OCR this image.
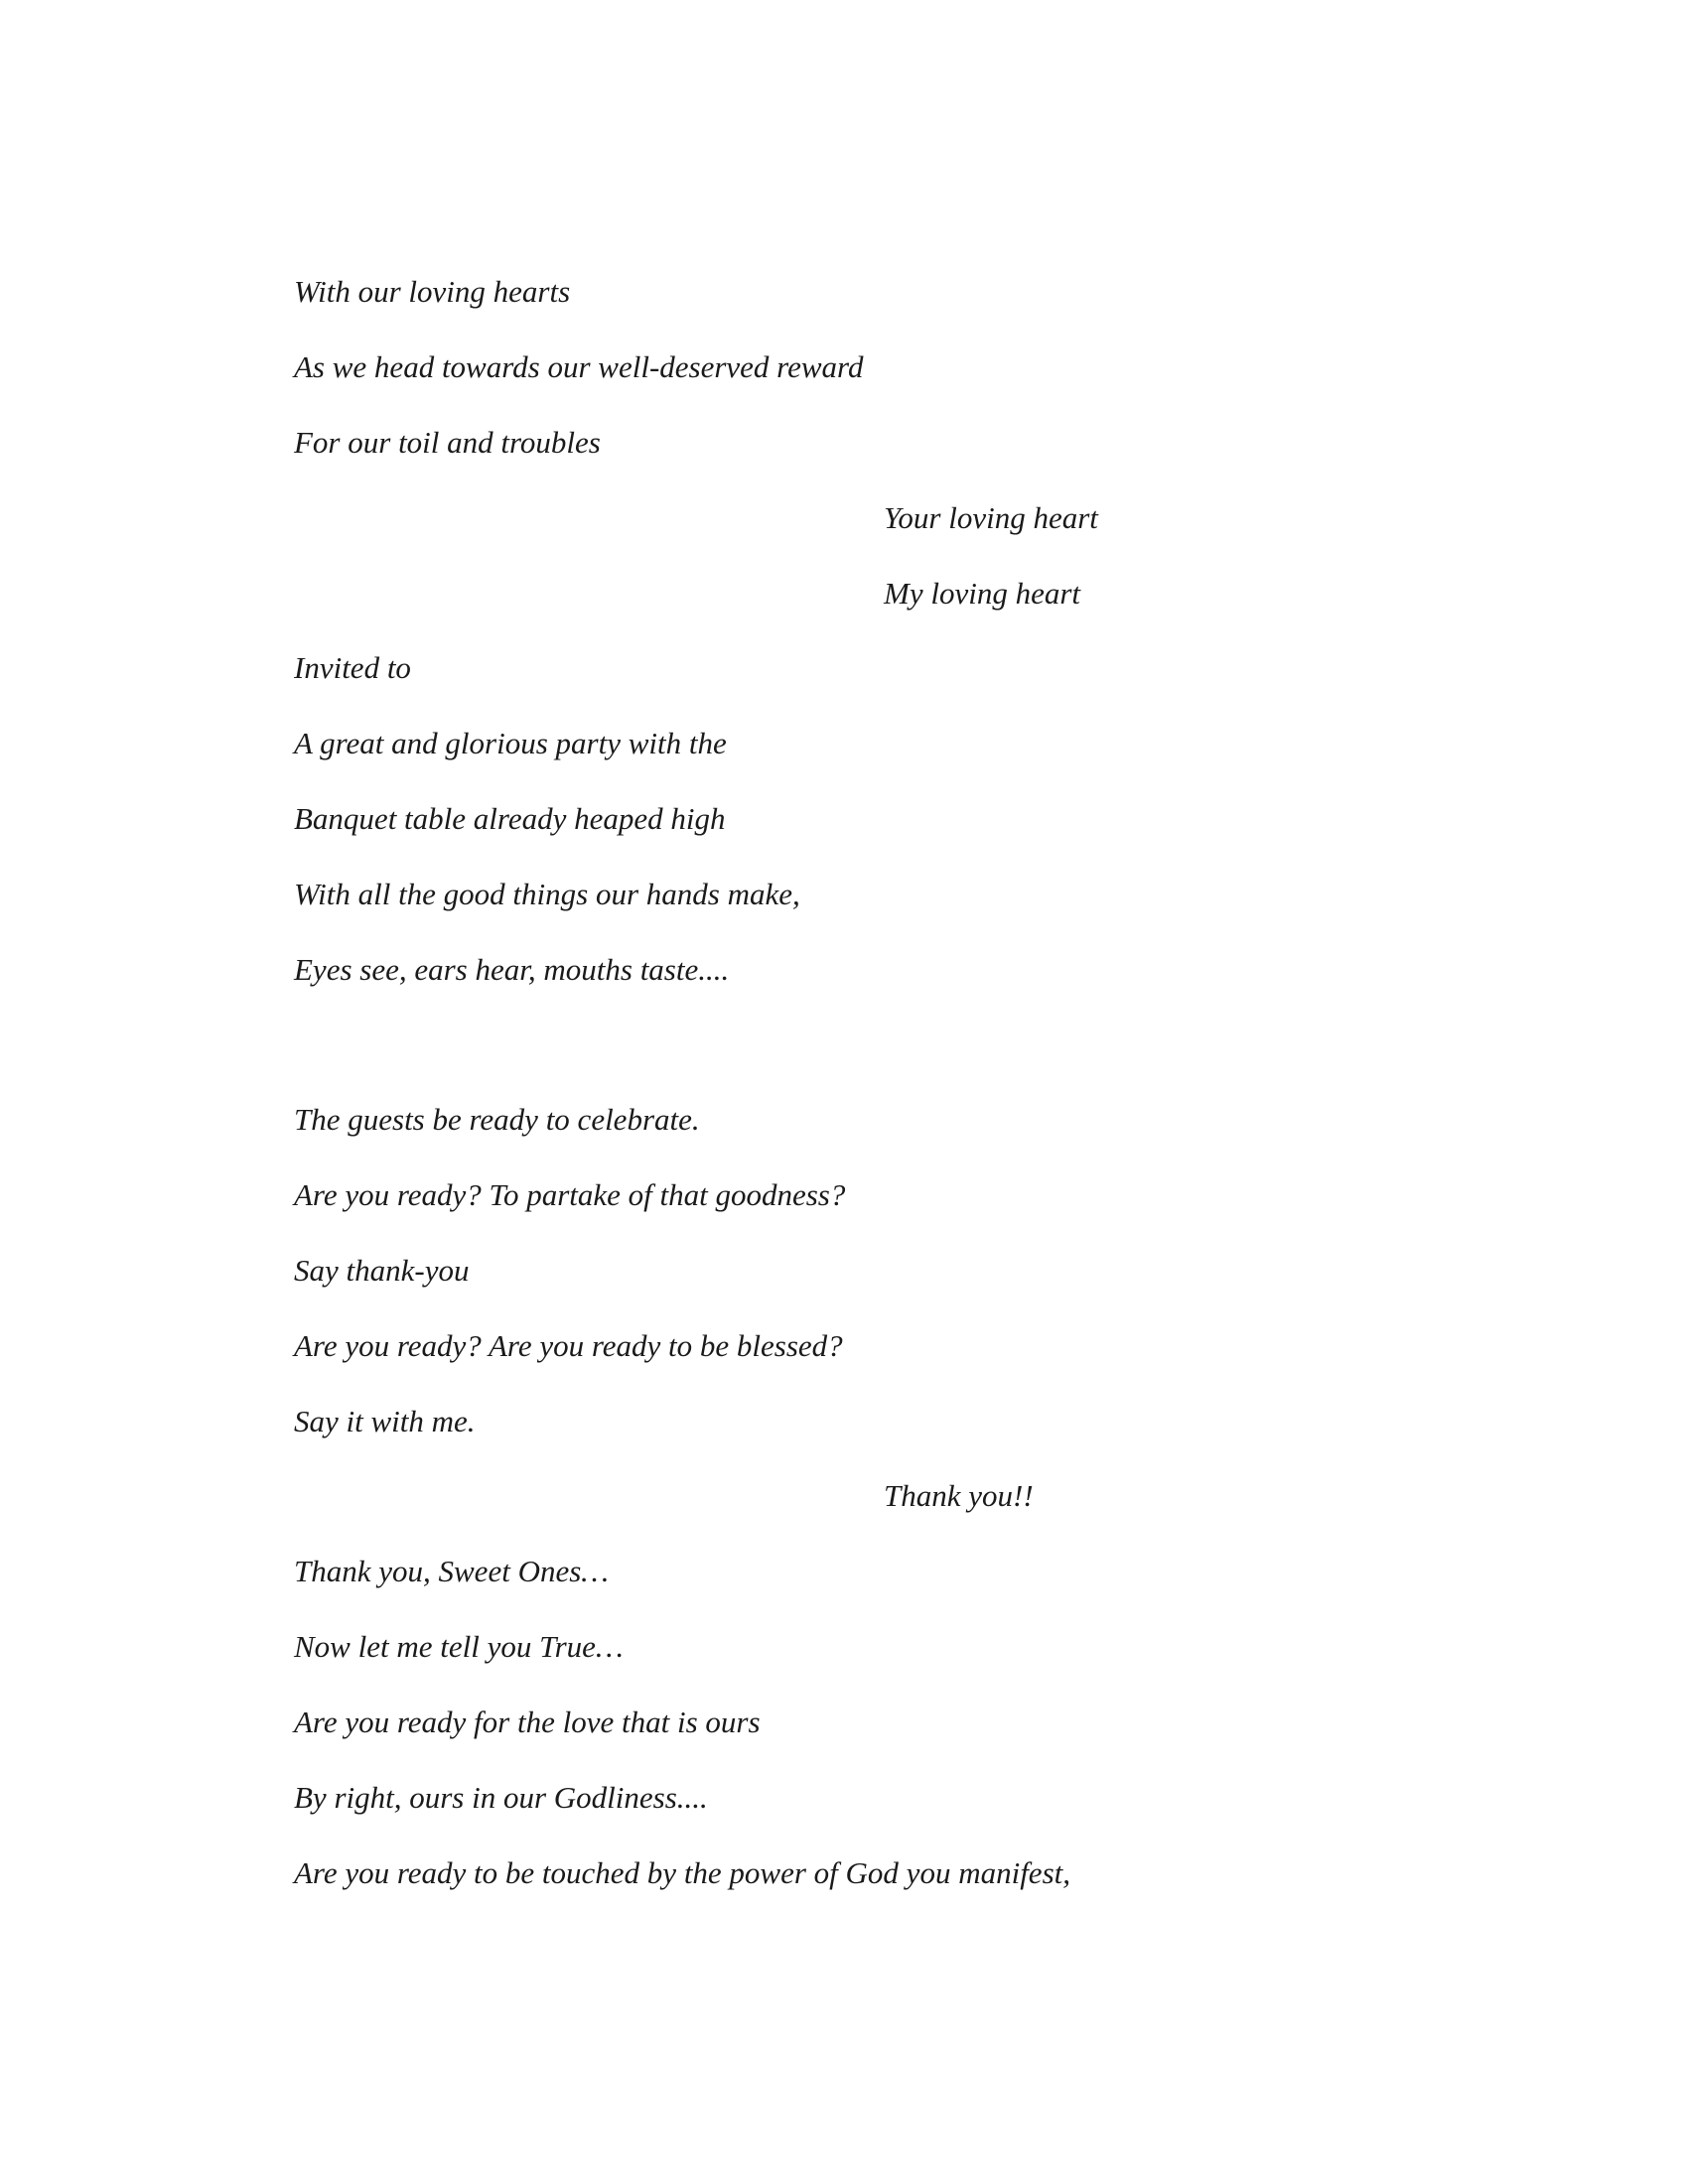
With our loving hearts

As we head towards our well-deserved reward

For our toil and troubles

Your loving heart

My loving heart

Invited to

A great and glorious party with the

Banquet table already heaped high

With all the good things our hands make,

Eyes see, ears hear, mouths taste....

The guests be ready to celebrate.

Are you ready? To partake of that goodness?

Say thank-you

Are you ready? Are you ready to be blessed?

Say it with me.

Thank you!!

Thank you, Sweet Ones…

Now let me tell you True…

Are you ready for the love that is ours

By right, ours in our Godliness....

Are you ready to be touched by the power of God you manifest,
